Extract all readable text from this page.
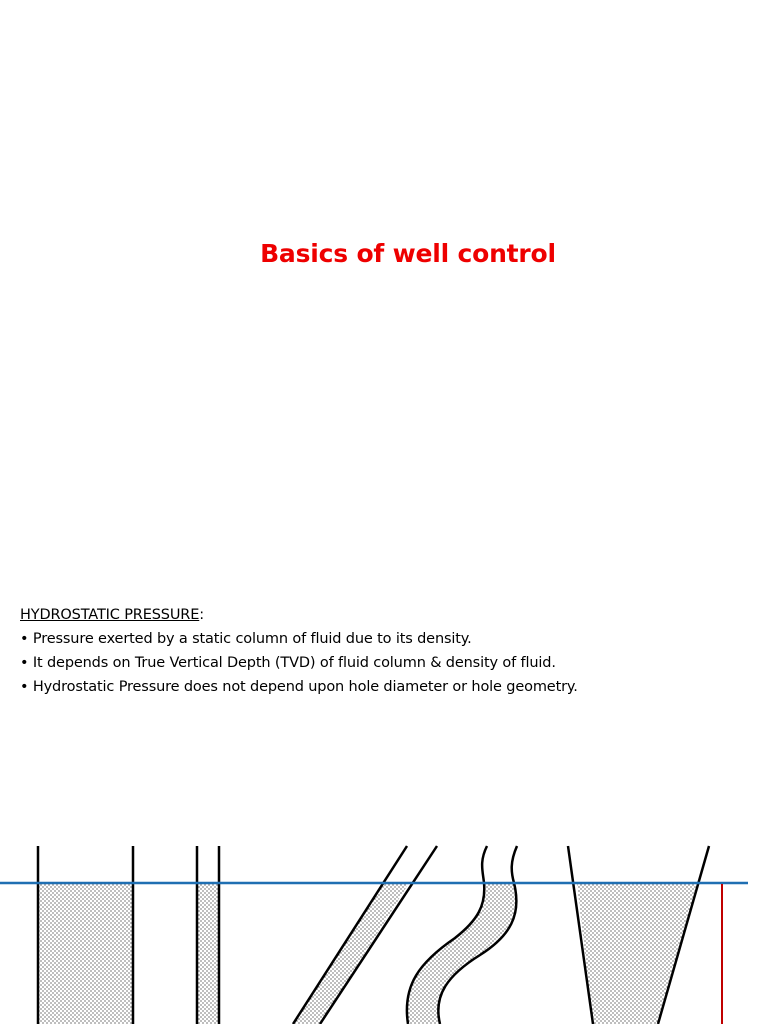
Basics of well control
HYDROSTATIC PRESSURE:
• Pressure exerted by a static column of fluid due to its density.
• It depends on True Vertical Depth (TVD) of fluid column & density of fluid.
• Hydrostatic Pressure does not depend upon hole diameter or hole geometry.
